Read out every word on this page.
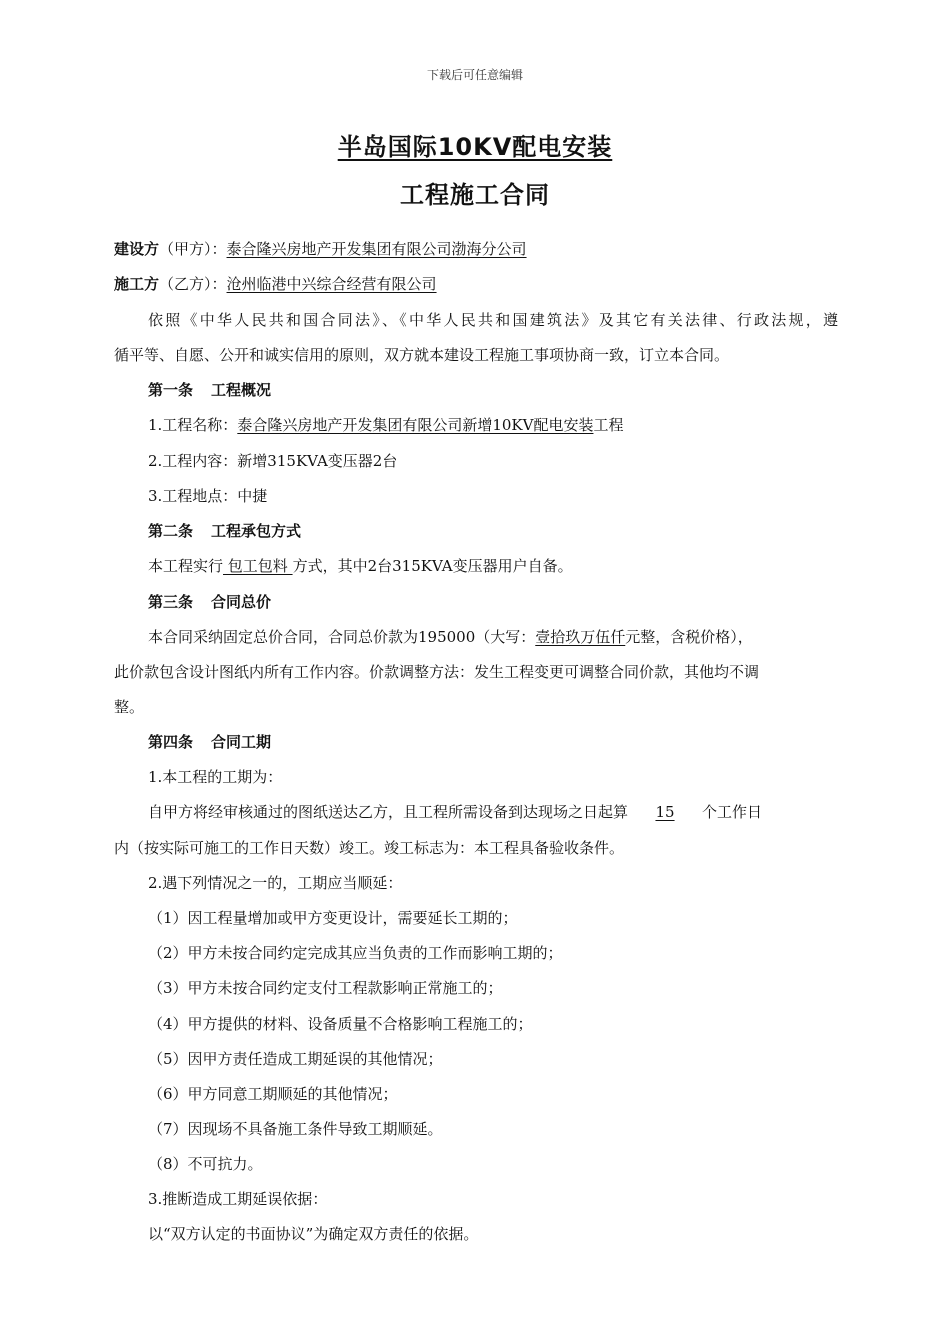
下载后可任意编辑
半岛国际10KV配电安装
工程施工合同
建设方（甲方）：泰合隆兴房地产开发集团有限公司渤海分公司
施工方（乙方）：沧州临港中兴综合经营有限公司
依照《中华人民共和国合同法》、《中华人民共和国建筑法》及其它有关法律、行政法规，遵
循平等、自愿、公开和诚实信用的原则，双方就本建设工程施工事项协商一致，订立本合同。
第一条 工程概况
1.工程名称：泰合隆兴房地产开发集团有限公司新增10KV配电安装工程
2.工程内容：新增315KVA变压器2台
3.工程地点：中捷
第二条 工程承包方式
本工程实行 包工包料 方式，其中2台315KVA变压器用户自备。
第三条 合同总价
本合同采纳固定总价合同，合同总价款为195000（大写：壹拾玖万伍仟元整，含税价格），
此价款包含设计图纸内所有工作内容。价款调整方法：发生工程变更可调整合同价款，其他均不调
整。
第四条 合同工期
1.本工程的工期为：
自甲方将经审核通过的图纸送达乙方，且工程所需设备到达现场之日起算 15 个工作日
内（按实际可施工的工作日天数）竣工。竣工标志为：本工程具备验收条件。
2.遇下列情况之一的，工期应当顺延：
（1）因工程量增加或甲方变更设计，需要延长工期的；
（2）甲方未按合同约定完成其应当负责的工作而影响工期的；
（3）甲方未按合同约定支付工程款影响正常施工的；
（4）甲方提供的材料、设备质量不合格影响工程施工的；
（5）因甲方责任造成工期延误的其他情况；
（6）甲方同意工期顺延的其他情况；
（7）因现场不具备施工条件导致工期顺延。
（8）不可抗力。
3.推断造成工期延误依据：
以“双方认定的书面协议”为确定双方责任的依据。
